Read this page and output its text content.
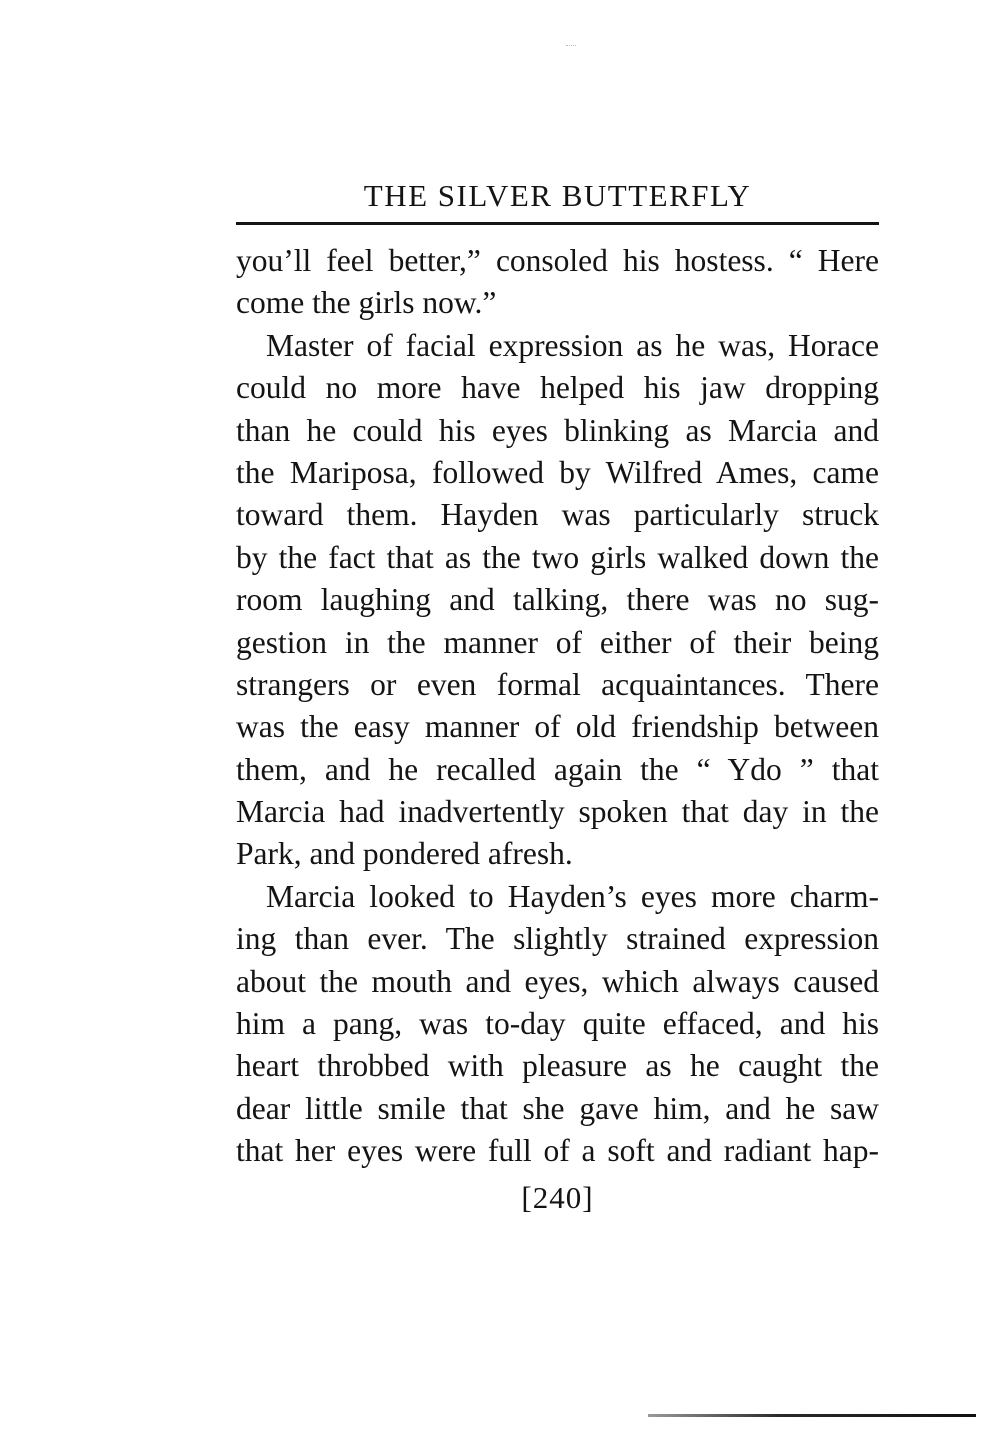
THE SILVER BUTTERFLY
you’ll feel better,” consoled his hostess. “ Here
come the girls now.”
Master of facial expression as he was, Horace
could no more have helped his jaw dropping
than he could his eyes blinking as Marcia and
the Mariposa, followed by Wilfred Ames, came
toward them. Hayden was particularly struck
by the fact that as the two girls walked down the
room laughing and talking, there was no sug-
gestion in the manner of either of their being
strangers or even formal acquaintances. There
was the easy manner of old friendship between
them, and he recalled again the “ Ydo ” that
Marcia had inadvertently spoken that day in the
Park, and pondered afresh.
Marcia looked to Hayden’s eyes more charm-
ing than ever. The slightly strained expression
about the mouth and eyes, which always caused
him a pang, was to-day quite effaced, and his
heart throbbed with pleasure as he caught the
dear little smile that she gave him, and he saw
that her eyes were full of a soft and radiant hap-
[240]
